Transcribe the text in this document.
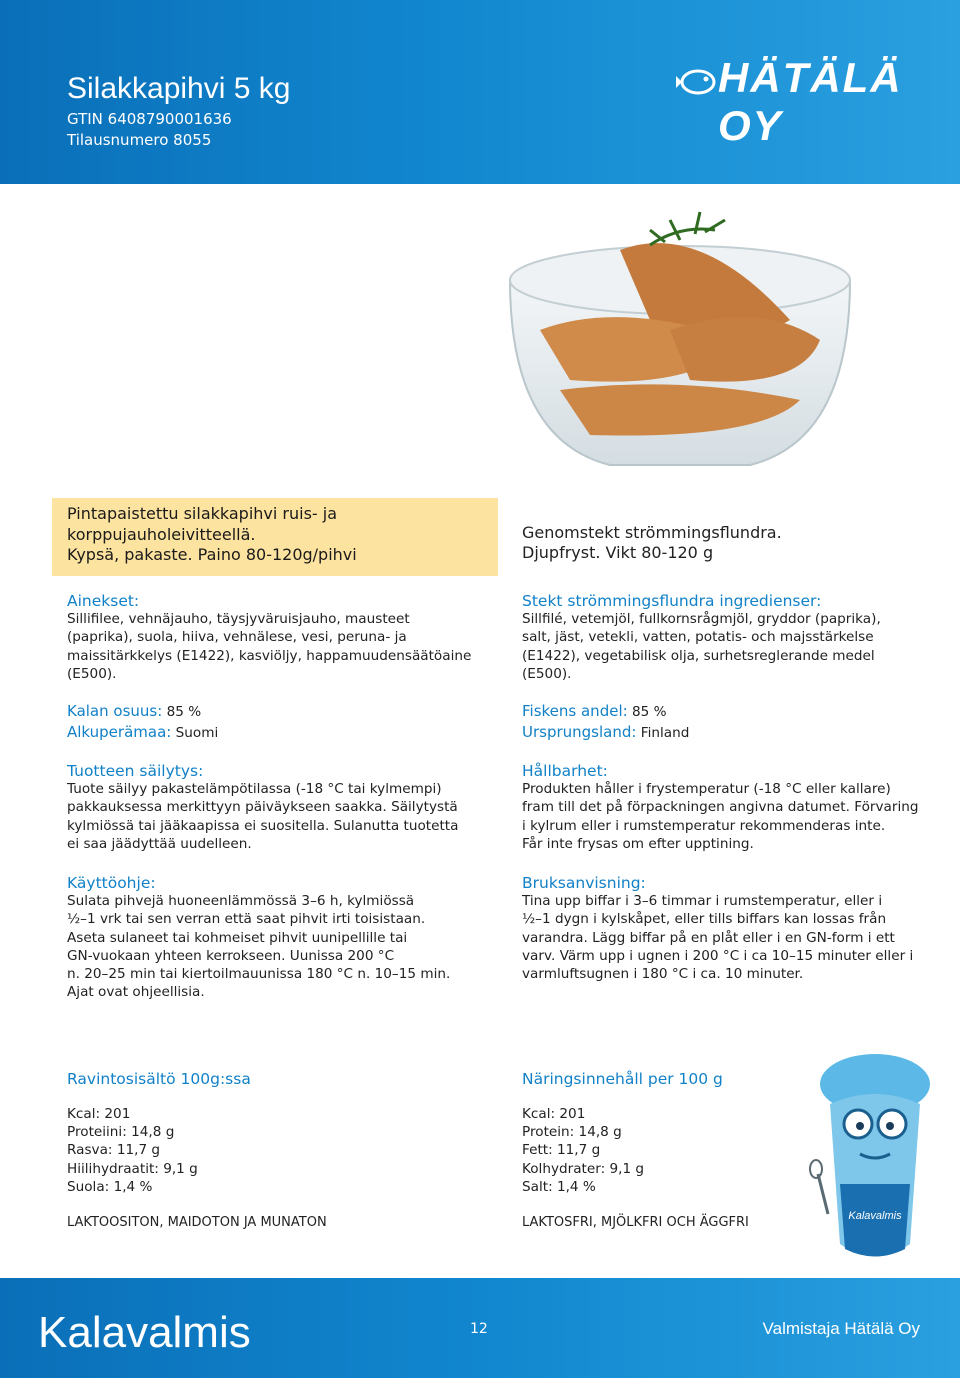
Silakkapihvi 5 kg
GTIN 6408790001636
Tilausnumero 8055
HÄTÄLÄ OY
Pintapaistettu silakkapihvi ruis- ja
korppujauholeivitteellä.
Kypsä, pakaste. Paino 80-120g/pihvi
Genomstekt strömmingsflundra.
Djupfryst. Vikt 80-120 g
Ainekset:

Sillifilee, vehnäjauho, täysjyväruisjauho, mausteet

(paprika), suola, hiiva, vehnälese, vesi, peruna- ja

maissitärkkelys (E1422), kasviöljy, happamuudensäätöaine

(E500).

Kalan osuus: 85 %
Alkuperämaa: Suomi
Tuotteen säilytys:

Tuote säilyy pakastelämpötilassa (-18 °C tai kylmempi)

pakkauksessa merkittyyn päiväykseen saakka. Säilytystä

kylmiössä tai jääkaapissa ei suositella. Sulanutta tuotetta

ei saa jäädyttää uudelleen.

Käyttöohje:

Sulata pihvejä huoneenlämmössä 3–6 h, kylmiössä

½–1 vrk tai sen verran että saat pihvit irti toisistaan.

Aseta sulaneet tai kohmeiset pihvit uunipellille tai

GN-vuokaan yhteen kerrokseen. Uunissa 200 °C

n. 20–25 min tai kiertoilmauunissa 180 °C n. 10–15 min.

Ajat ovat ohjeellisia.

Stekt strömmingsflundra ingredienser:

Sillfilé, vetemjöl, fullkornsrågmjöl, gryddor (paprika),

salt, jäst, vetekli, vatten, potatis- och majsstärkelse

(E1422), vegetabilisk olja, surhetsreglerande medel

(E500).

Fiskens andel: 85 %
Ursprungsland: Finland
Hållbarhet:

Produkten håller i frystemperatur (-18 °C eller kallare)

fram till det på förpackningen angivna datumet. Förvaring

i kylrum eller i rumstemperatur rekommenderas inte.

Får inte frysas om efter upptining.

Bruksanvisning:

Tina upp biffar i 3–6 timmar i rumstemperatur, eller i

½–1 dygn i kylskåpet, eller tills biffars kan lossas från

varandra. Lägg biffar på en plåt eller i en GN-form i ett

varv. Värm upp i ugnen i 200 °C i ca 10–15 minuter eller i

varmluftsugnen i 180 °C i ca. 10 minuter.

Ravintosisältö 100g:ssa

Kcal: 201

Proteiini: 14,8 g

Rasva: 11,7 g

Hiilihydraatit: 9,1 g

Suola: 1,4 %

LAKTOOSITON, MAIDOTON JA MUNATON
Näringsinnehåll per 100 g

Kcal: 201

Protein: 14,8 g

Fett: 11,7 g

Kolhydrater: 9,1 g

Salt: 1,4 %

LAKTOSFRI, MJÖLKFRI OCH ÄGGFRI	Kalavalmis
Kalavalmis	12	Valmistaja Hätälä Oy
